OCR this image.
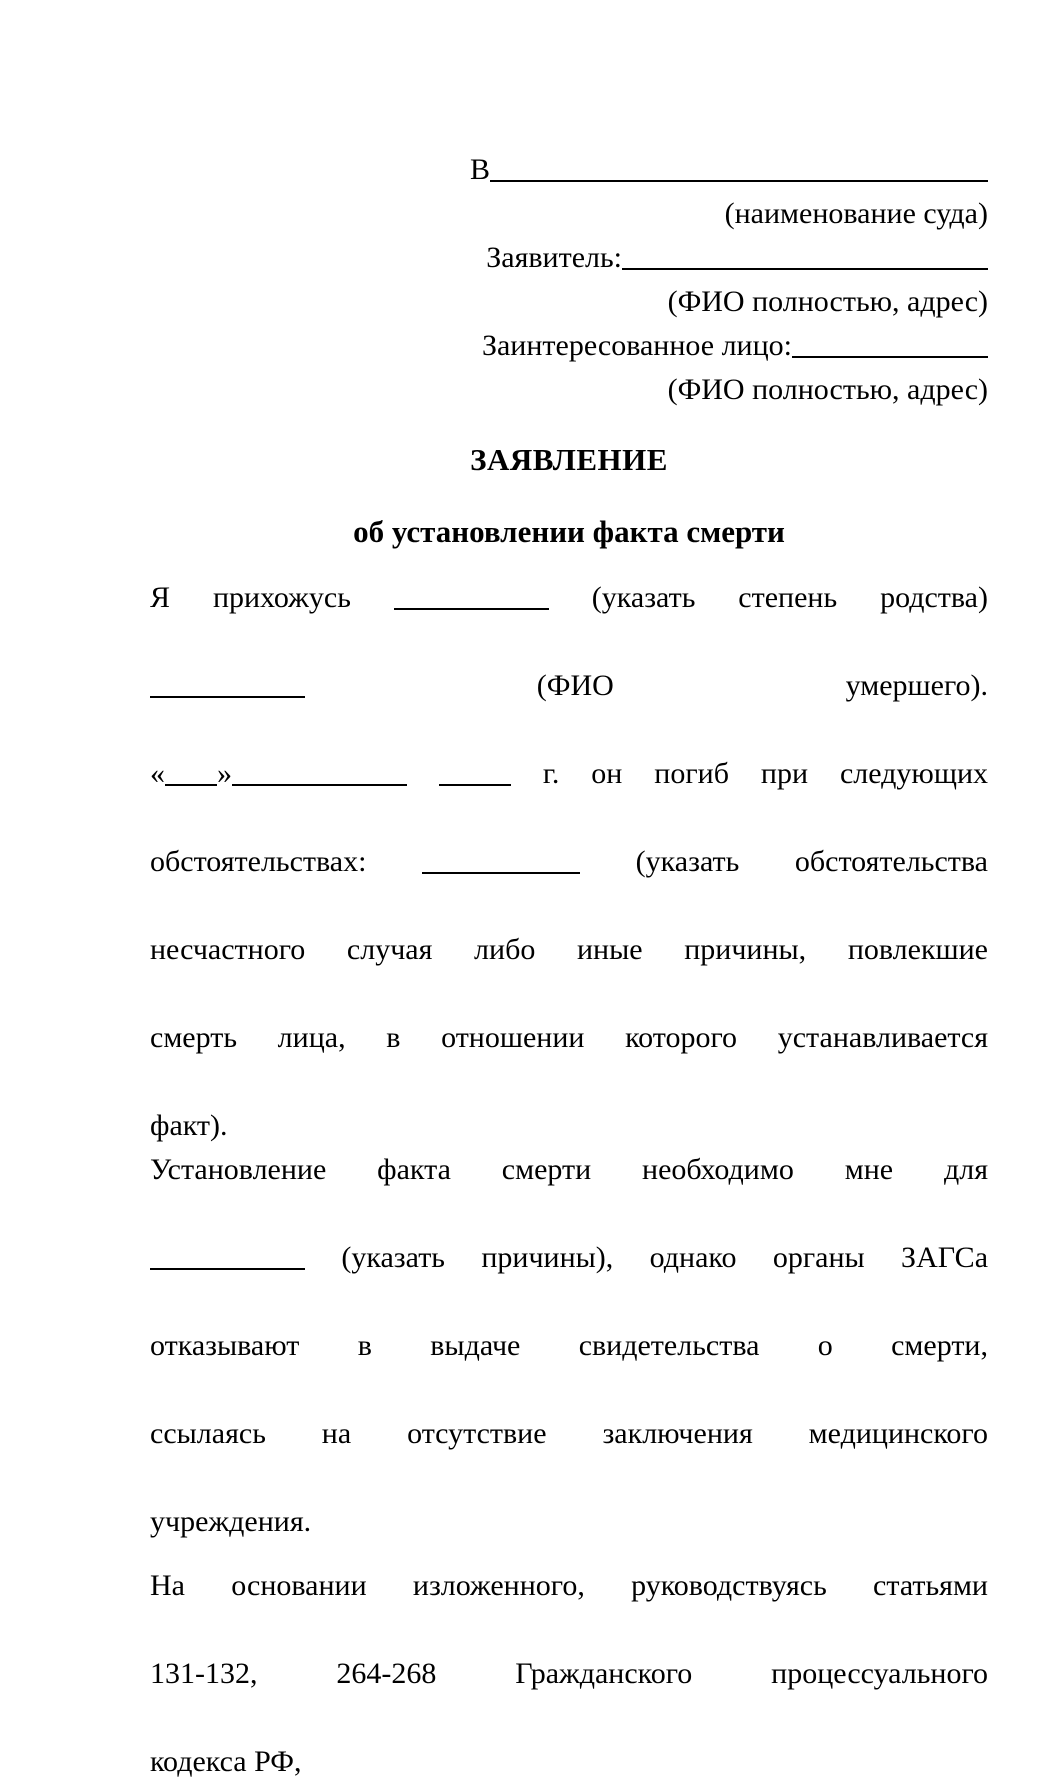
В
(наименование суда)
Заявитель:
(ФИО полностью, адрес)
Заинтересованное лицо:
(ФИО полностью, адрес)
ЗАЯВЛЕНИЕ
об установлении факта смерти

Я прихожусь	(указать степень родства)   (ФИО	умершего).  « »	г. он погиб при следующих  обстоятельствах:	(указать обстоятельства  несчастного случая либо иные причины, повлекшие смерть лица, в отношении которого устанавливается факт).

Установление факта смерти необходимо мне для  (указать причины), однако органы ЗАГСа  отказывают в выдаче свидетельства о смерти, ссылаясь на отсутствие заключения медицинского учреждения.

На основании изложенного, руководствуясь статьями 131-132, 264-268	Гражданского	процессуального  кодекса РФ,
